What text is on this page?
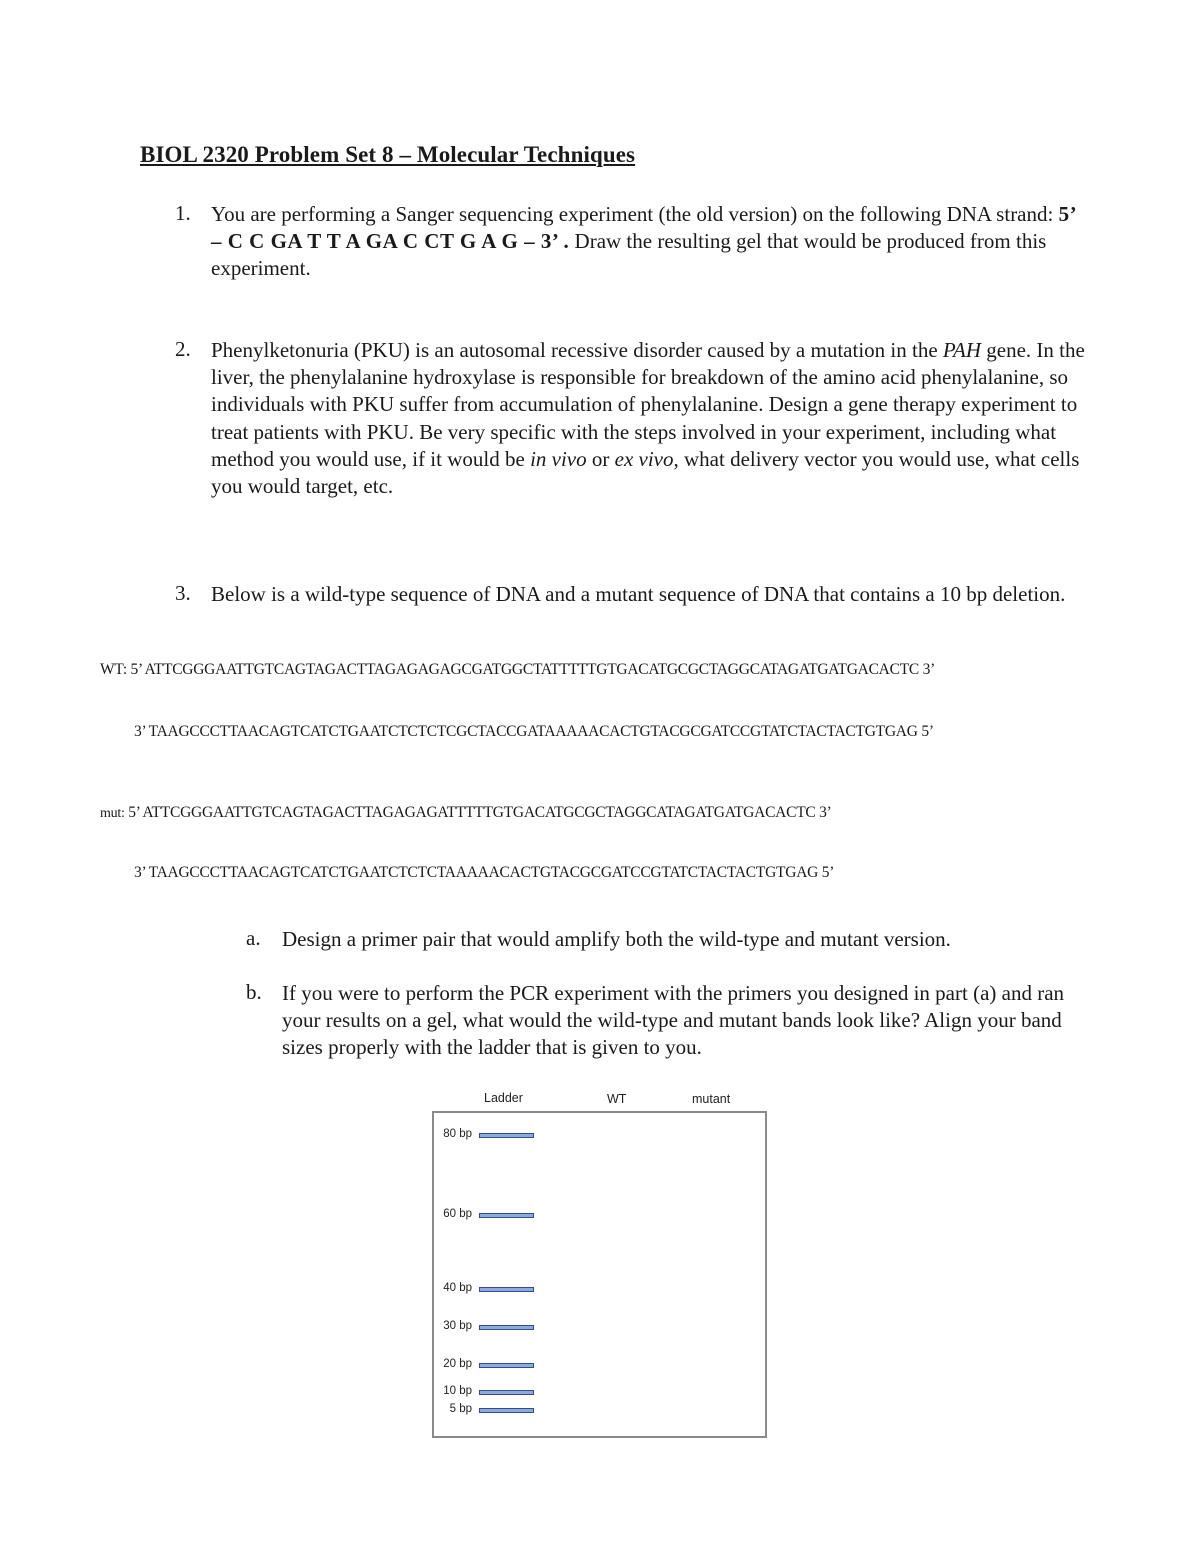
BIOL 2320 Problem Set 8 – Molecular Techniques
1. You are performing a Sanger sequencing experiment (the old version) on the following DNA strand: 5’ – C C GA T T A GA C CT G A G – 3’ . Draw the resulting gel that would be produced from this experiment.
2. Phenylketonuria (PKU) is an autosomal recessive disorder caused by a mutation in the PAH gene. In the liver, the phenylalanine hydroxylase is responsible for breakdown of the amino acid phenylalanine, so individuals with PKU suffer from accumulation of phenylalanine. Design a gene therapy experiment to treat patients with PKU. Be very specific with the steps involved in your experiment, including what method you would use, if it would be in vivo or ex vivo, what delivery vector you would use, what cells you would target, etc.
3. Below is a wild-type sequence of DNA and a mutant sequence of DNA that contains a 10 bp deletion.
WT: 5’ ATTCGGGAATTGTCAGTAGACTTAGAGAGAGCGATGGCTATTTTTGTGACATGCGCTAGGCATAGATGATGACACTC 3’
3’ TAAGCCCTTAACAGTCATCTGAATCTCTCTCGCTACCGATAAAAACACTGTACGCGATCCGTATCTACTACTGTGAG 5’
mut: 5’ ATTCGGGAATTGTCAGTAGACTTAGAGAGATTTTTGTGACATGCGCTAGGCATAGATGATGACACTC 3’
3’ TAAGCCCTTAACAGTCATCTGAATCTCTCTAAAAACACTGTACGCGATCCGTATCTACTACTGTGAG 5’
a. Design a primer pair that would amplify both the wild-type and mutant version.
b. If you were to perform the PCR experiment with the primers you designed in part (a) and ran your results on a gel, what would the wild-type and mutant bands look like? Align your band sizes properly with the ladder that is given to you.
Ladder	WT	mutant
80 bp
60 bp
40 bp
30 bp
20 bp
10 bp
5 bp
